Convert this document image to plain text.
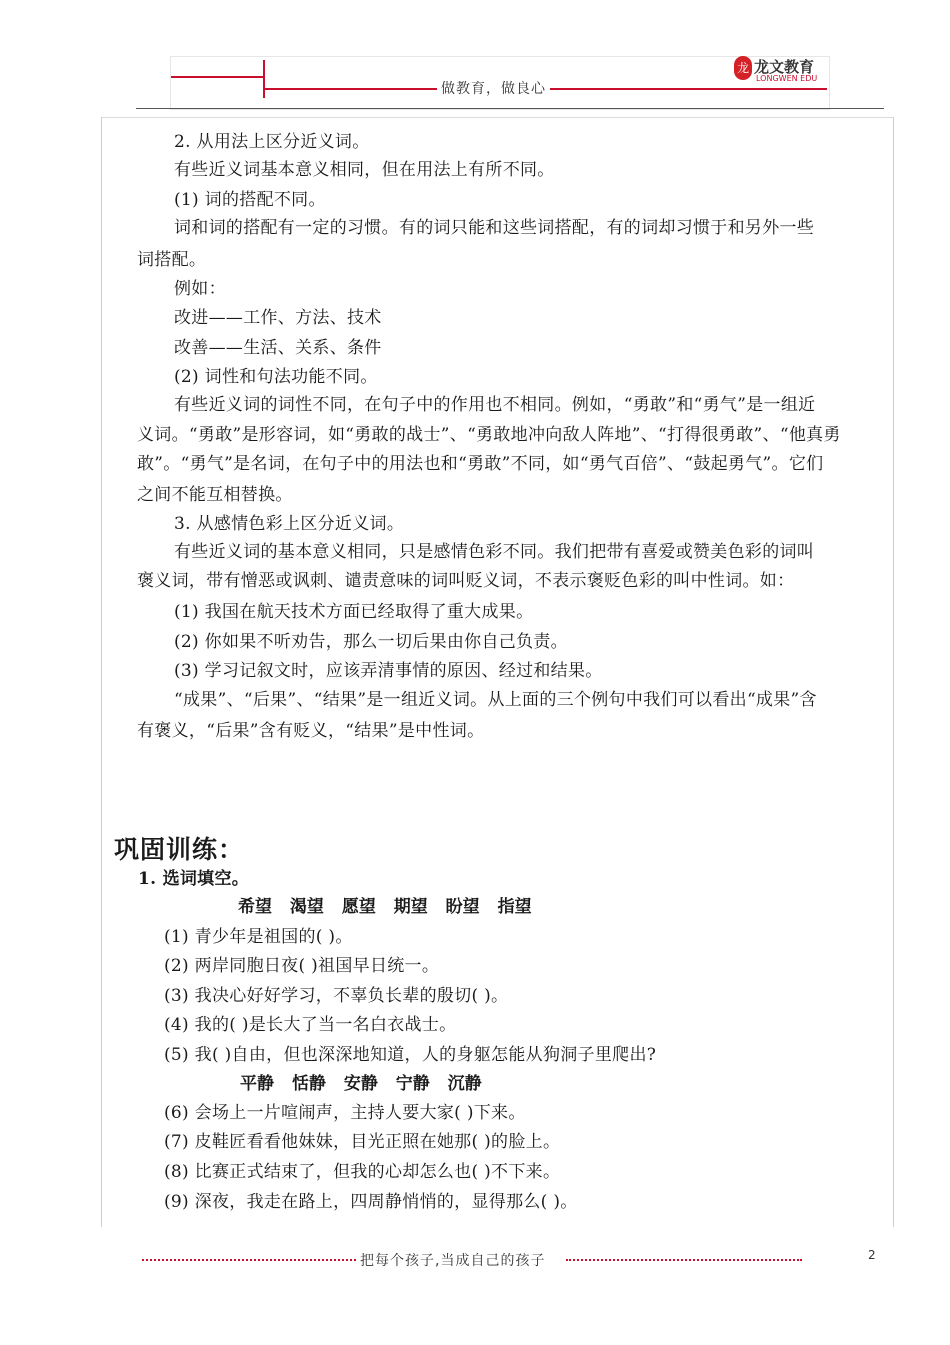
做教育，做良心
龙 龙文教育
LONGWEN EDU
2. 从用法上区分近义词。
有些近义词基本意义相同，但在用法上有所不同。
(1) 词的搭配不同。
词和词的搭配有一定的习惯。有的词只能和这些词搭配，有的词却习惯于和另外一些
词搭配。
例如：
改进——工作、方法、技术
改善——生活、关系、条件
(2) 词性和句法功能不同。
有些近义词的词性不同，在句子中的作用也不相同。例如，“勇敢”和“勇气”是一组近
义词。“勇敢”是形容词，如“勇敢的战士”、“勇敢地冲向敌人阵地”、“打得很勇敢”、“他真勇
敢”。“勇气”是名词，在句子中的用法也和“勇敢”不同，如“勇气百倍”、“鼓起勇气”。它们
之间不能互相替换。
3. 从感情色彩上区分近义词。
有些近义词的基本意义相同，只是感情色彩不同。我们把带有喜爱或赞美色彩的词叫
褒义词，带有憎恶或讽刺、谴责意味的词叫贬义词，不表示褒贬色彩的叫中性词。如：
(1) 我国在航天技术方面已经取得了重大成果。
(2) 你如果不听劝告，那么一切后果由你自己负责。
(3) 学习记叙文时，应该弄清事情的原因、经过和结果。
“成果”、“后果”、“结果”是一组近义词。从上面的三个例句中我们可以看出“成果”含
有褒义，“后果”含有贬义，“结果”是中性词。
巩固训练：
1. 选词填空。
希望 渴望 愿望 期望 盼望 指望
(1) 青少年是祖国的( )。
(2) 两岸同胞日夜( )祖国早日统一。
(3) 我决心好好学习，不辜负长辈的殷切( )。
(4) 我的( )是长大了当一名白衣战士。
(5) 我( )自由，但也深深地知道，人的身躯怎能从狗洞子里爬出?
平静 恬静 安静 宁静 沉静
(6) 会场上一片喧闹声，主持人要大家( )下来。
(7) 皮鞋匠看看他妹妹，目光正照在她那( )的脸上。
(8) 比赛正式结束了，但我的心却怎么也( )不下来。
(9) 深夜，我走在路上，四周静悄悄的，显得那么( )。
把每个孩子,当成自己的孩子	2
